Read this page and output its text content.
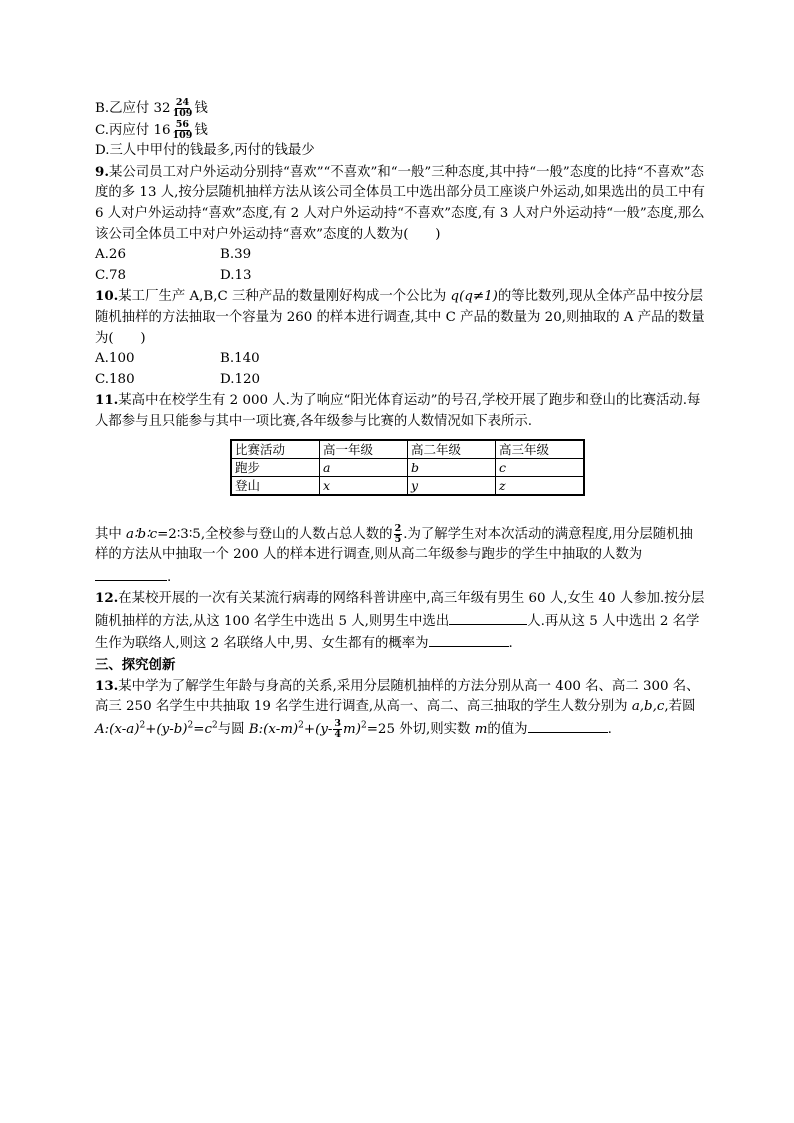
B.乙应付 $32 \frac{24}{109}$ 钱

C.丙应付 $16 \frac{56}{109}$ 钱

D.三人中甲付的钱最多,丙付的钱最少

9.某公司员工对户外运动分别持“喜欢”“不喜欢”和“一般”三种态度,其中持“一般”态度的比持“不喜欢”态度的多 13 人,按分层随机抽样方法从该公司全体员工中选出部分员工座谈户外运动,如果选出的员工中有 6 人对户外运动持“喜欢”态度,有 2 人对户外运动持“不喜欢”态度,有 3 人对户外运动持“一般”态度,那么该公司全体员工中对户外运动持“喜欢”态度的人数为(　　)

A.26	B.39
C.78	D.13

10.某工厂生产 A,B,C 三种产品的数量刚好构成一个公比为 q(q≠1)的等比数列,现从全体产品中按分层随机抽样的方法抽取一个容量为 260 的样本进行调查,其中 C 产品的数量为 20,则抽取的 A 产品的数量为(　　)

A.100	B.140
C.180	D.120

11.某高中在校学生有 2 000 人.为了响应“阳光体育运动”的号召,学校开展了跑步和登山的比赛活动.每人都参与且只能参与其中一项比赛,各年级参与比赛的人数情况如下表所示.

比赛活动	高一年级	高二年级	高三年级
跑步	a	b	c
登山	x	y	z

其中 a∶b∶c=2∶3∶5,全校参与登山的人数占总人数的 $\frac{2}{5}$ .为了解学生对本次活动的满意程度,用分层随机抽样的方法从中抽取一个 200 人的样本进行调查,则从高二年级参与跑步的学生中抽取的人数为.

12.在某校开展的一次有关某流行病毒的网络科普讲座中,高三年级有男生 60 人,女生 40 人参加.按分层随机抽样的方法,从这 100 名学生中选出 5 人,则男生中选出	人.再从这 5 人中选出 2 名学生作为联络人,则这 2 名联络人中,男、女生都有的概率为	.

三、探究创新

13.某中学为了解学生年龄与身高的关系,采用分层随机抽样的方法分别从高一 400 名、高二 300 名、高三 250 名学生中共抽取 19 名学生进行调查,从高一、高二、高三抽取的学生人数分别为 a,b,c,若圆 $A:(x-a)^2+(y-b)^2=c^2$与圆 $B:(x-m)^2+(y- \frac{3}{4} m)^2=25$ 外切,则实数 m的值为	.
